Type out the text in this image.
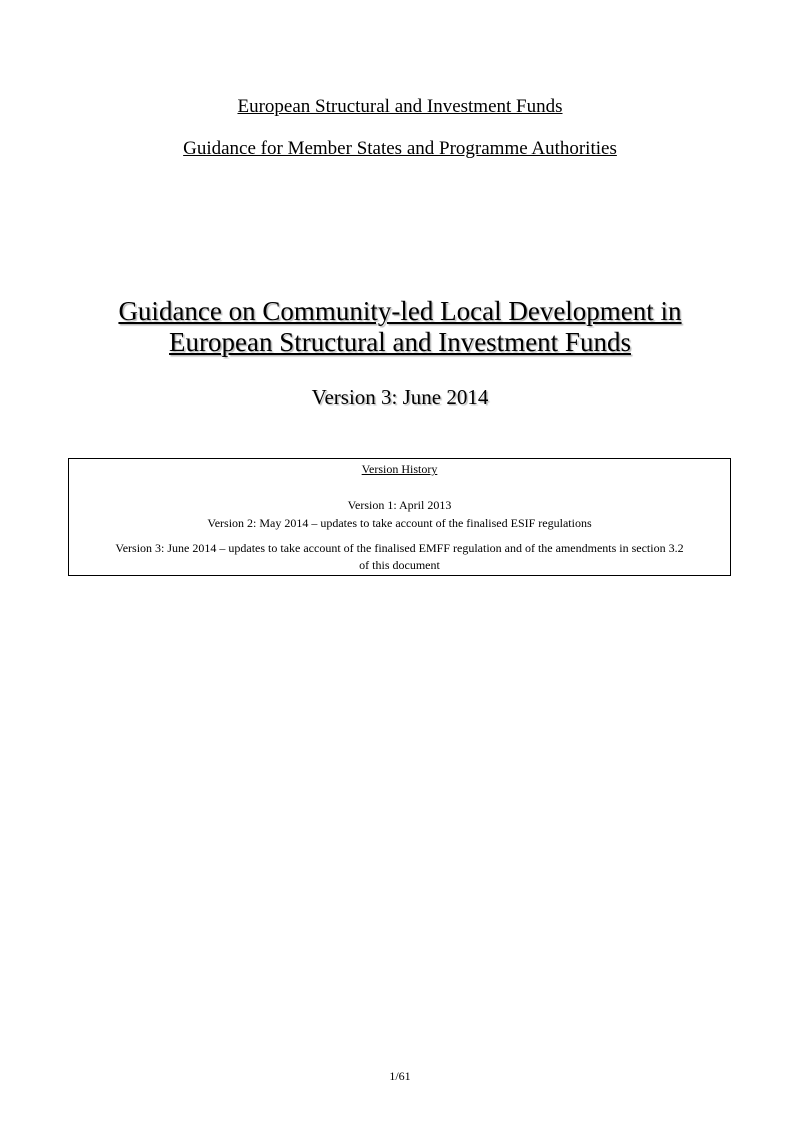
European Structural and Investment Funds
Guidance for Member States and Programme Authorities
Guidance on Community-led Local Development in
European Structural and Investment Funds
Version 3: June 2014
Version History
Version 1: April 2013
Version 2: May 2014 – updates to take account of the finalised ESIF regulations
Version 3: June 2014 – updates to take account of the finalised EMFF regulation and of the amendments in section 3.2
of this document
1/61
